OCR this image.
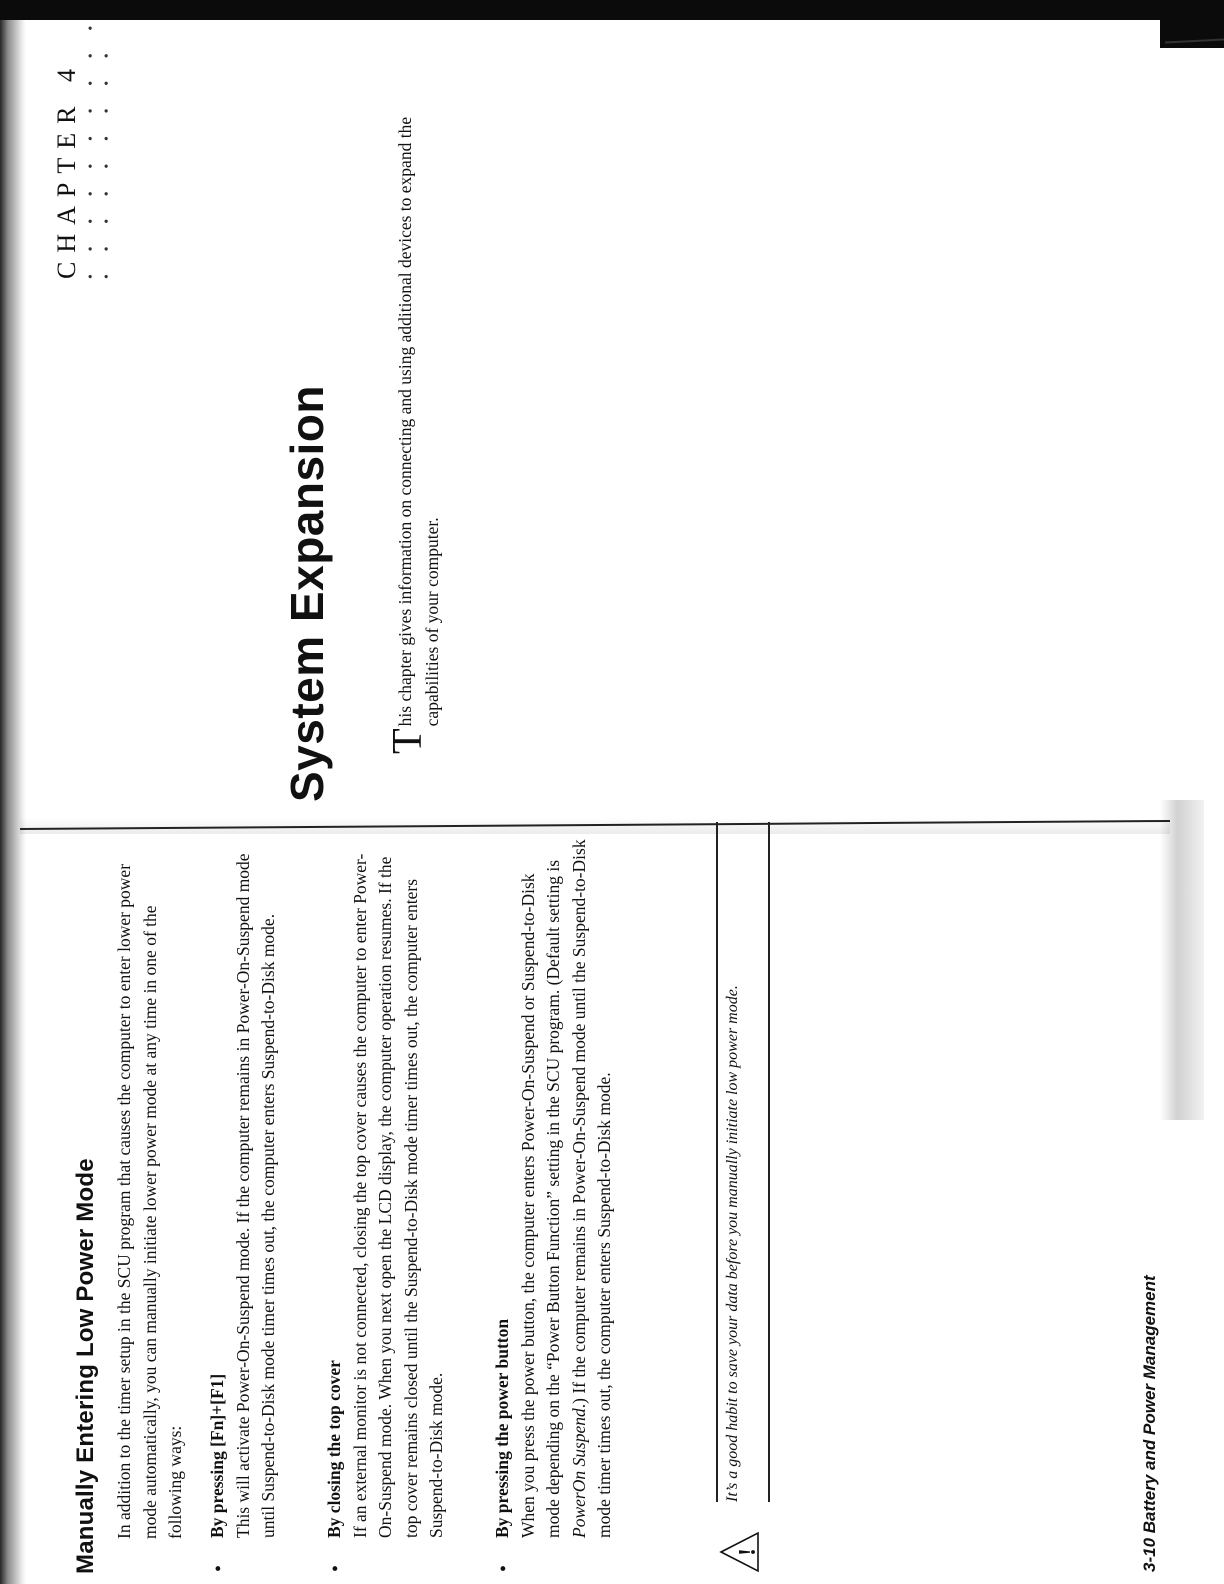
Manually Entering Low Power Mode In addition to the timer setup in the SCU program that causes the computer to enter lower power mode automatically, you can manually initiate lower power mode at any time in one of the following ways:
•
By pressing [Fn]+[F1] This will activate Power-On-Suspend mode. If the computer remains in Power-On-Suspend mode until Suspend-to-Disk mode timer times out, the computer enters Suspend-to-Disk mode.
•
By closing the top cover If an external monitor is not connected, closing the top cover causes the computer to enter Power-On-Suspend mode. When you next open the LCD display, the computer operation resumes. If the top cover remains closed until the Suspend-to-Disk mode timer times out, the computer enters Suspend-to-Disk mode.
•
By pressing the power button When you press the power button, the computer enters Power-On-Suspend or Suspend-to-Disk mode depending on the “Power Button Function” setting in the SCU program. (Default setting is PowerOn Suspend.) If the computer remains in Power-On-Suspend mode until the Suspend-to-Disk mode timer times out, the computer enters Suspend-to-Disk mode.
!
It’s a good habit to save your data before you manually initiate low power mode.	3-10 Battery and Power Management
CHAPTER 4 • • • • • • • • • • • • • • • • • • •
System Expansion T
his chapter gives information on connecting and using additional devices to expand the capabilities of your computer.
